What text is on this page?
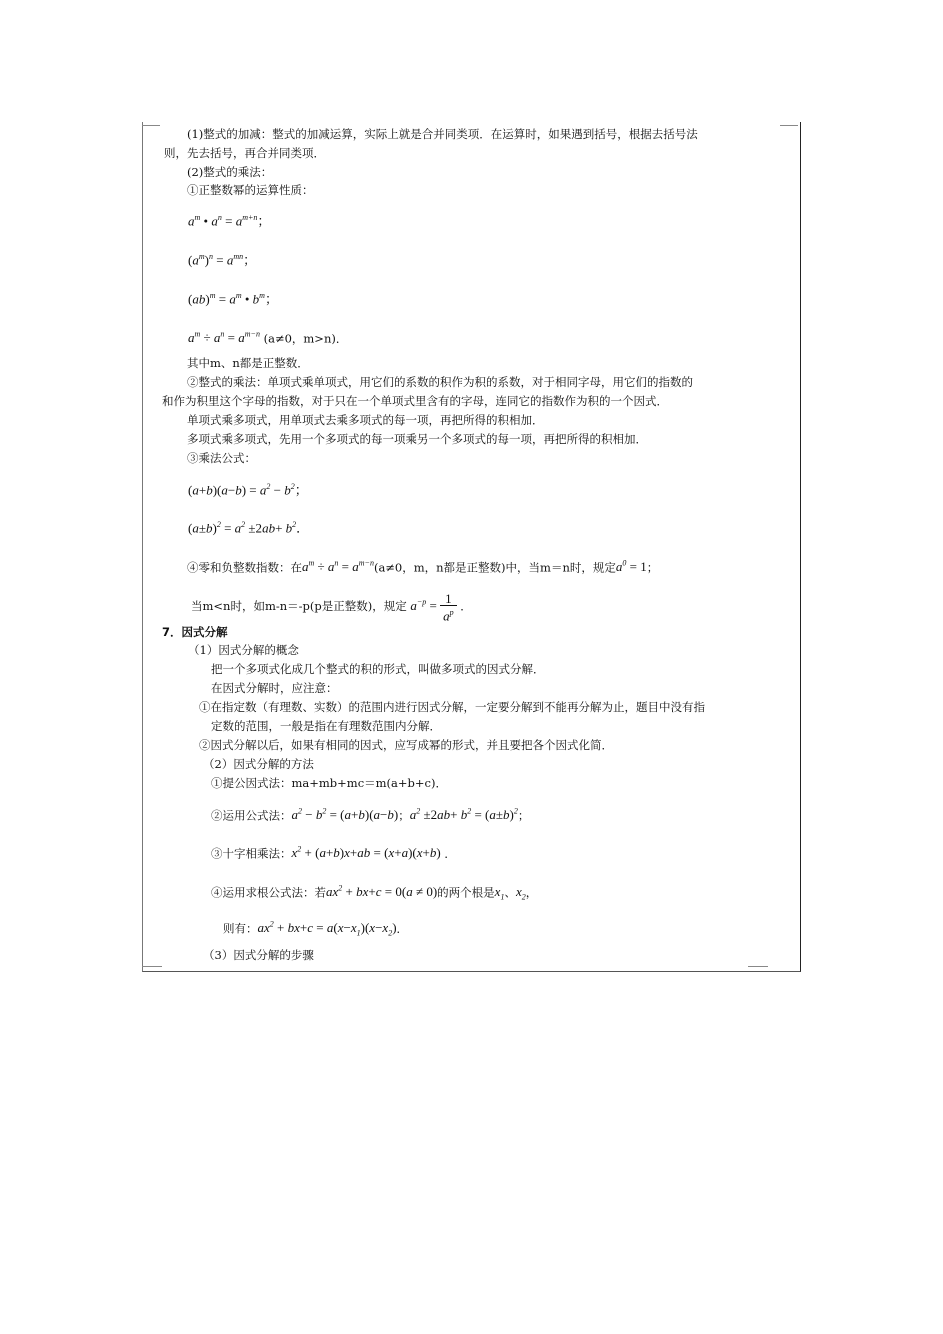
(1)整式的加减：整式的加减运算，实际上就是合并同类项．在运算时，如果遇到括号，根据去括号法
则，先去括号，再合并同类项．
(2)整式的乘法：
①正整数幂的运算性质：
$a^m$ • $a^n = a^{m+n}$；
$(a^m)^n = a^{mn}$；
$(ab)^m = a^m$ • $b^m$；
$a^m \div a^n = a^{m-n}$ (a≠0，m>n)．
其中m、n都是正整数．
②整式的乘法：单项式乘单项式，用它们的系数的积作为积的系数，对于相同字母，用它们的指数的
和作为积里这个字母的指数，对于只在一个单项式里含有的字母，连同它的指数作为积的一个因式．
单项式乘多项式，用单项式去乘多项式的每一项，再把所得的积相加．
多项式乘多项式，先用一个多项式的每一项乘另一个多项式的每一项，再把所得的积相加．
③乘法公式：
$(a+b)(a-b) = a^2 - b^2$；
$(a\pm b)^2 = a^2 \pm 2ab+ b^2$．
④零和负整数指数：在$a^m \div a^n = a^{m-n}(a\ne 0$，m，n都是正整数)中，当m＝n时，规定$a^0 = 1$；
当m<n时，如m-n＝-p(p是正整数)，规定 $a^{-p} = \frac{1}{a^p}$ ．
7．因式分解
（1）因式分解的概念
把一个多项式化成几个整式的积的形式，叫做多项式的因式分解．
在因式分解时，应注意：
①在指定数（有理数、实数）的范围内进行因式分解，一定要分解到不能再分解为止，题目中没有指
定数的范围，一般是指在有理数范围内分解．
②因式分解以后，如果有相同的因式，应写成幂的形式，并且要把各个因式化简．
（2）因式分解的方法
①提公因式法：ma+mb+mc＝m(a+b+c)．
②运用公式法：$a^2 - b^2 = (a+b)(a-b)$；$a^2 \pm 2ab+ b^2 = (a\pm b)^2$；
③十字相乘法：$x^2 + (a+b)x+ab = (x+a)(x+b)$ ．
④运用求根公式法：若$ax^2 + bx+c = 0(a \ne 0)$的两个根是$x_1$、$x_2$，
则有：$ax^2 + bx+c = a(x-x_1)(x-x_2)$．
（3）因式分解的步骤
